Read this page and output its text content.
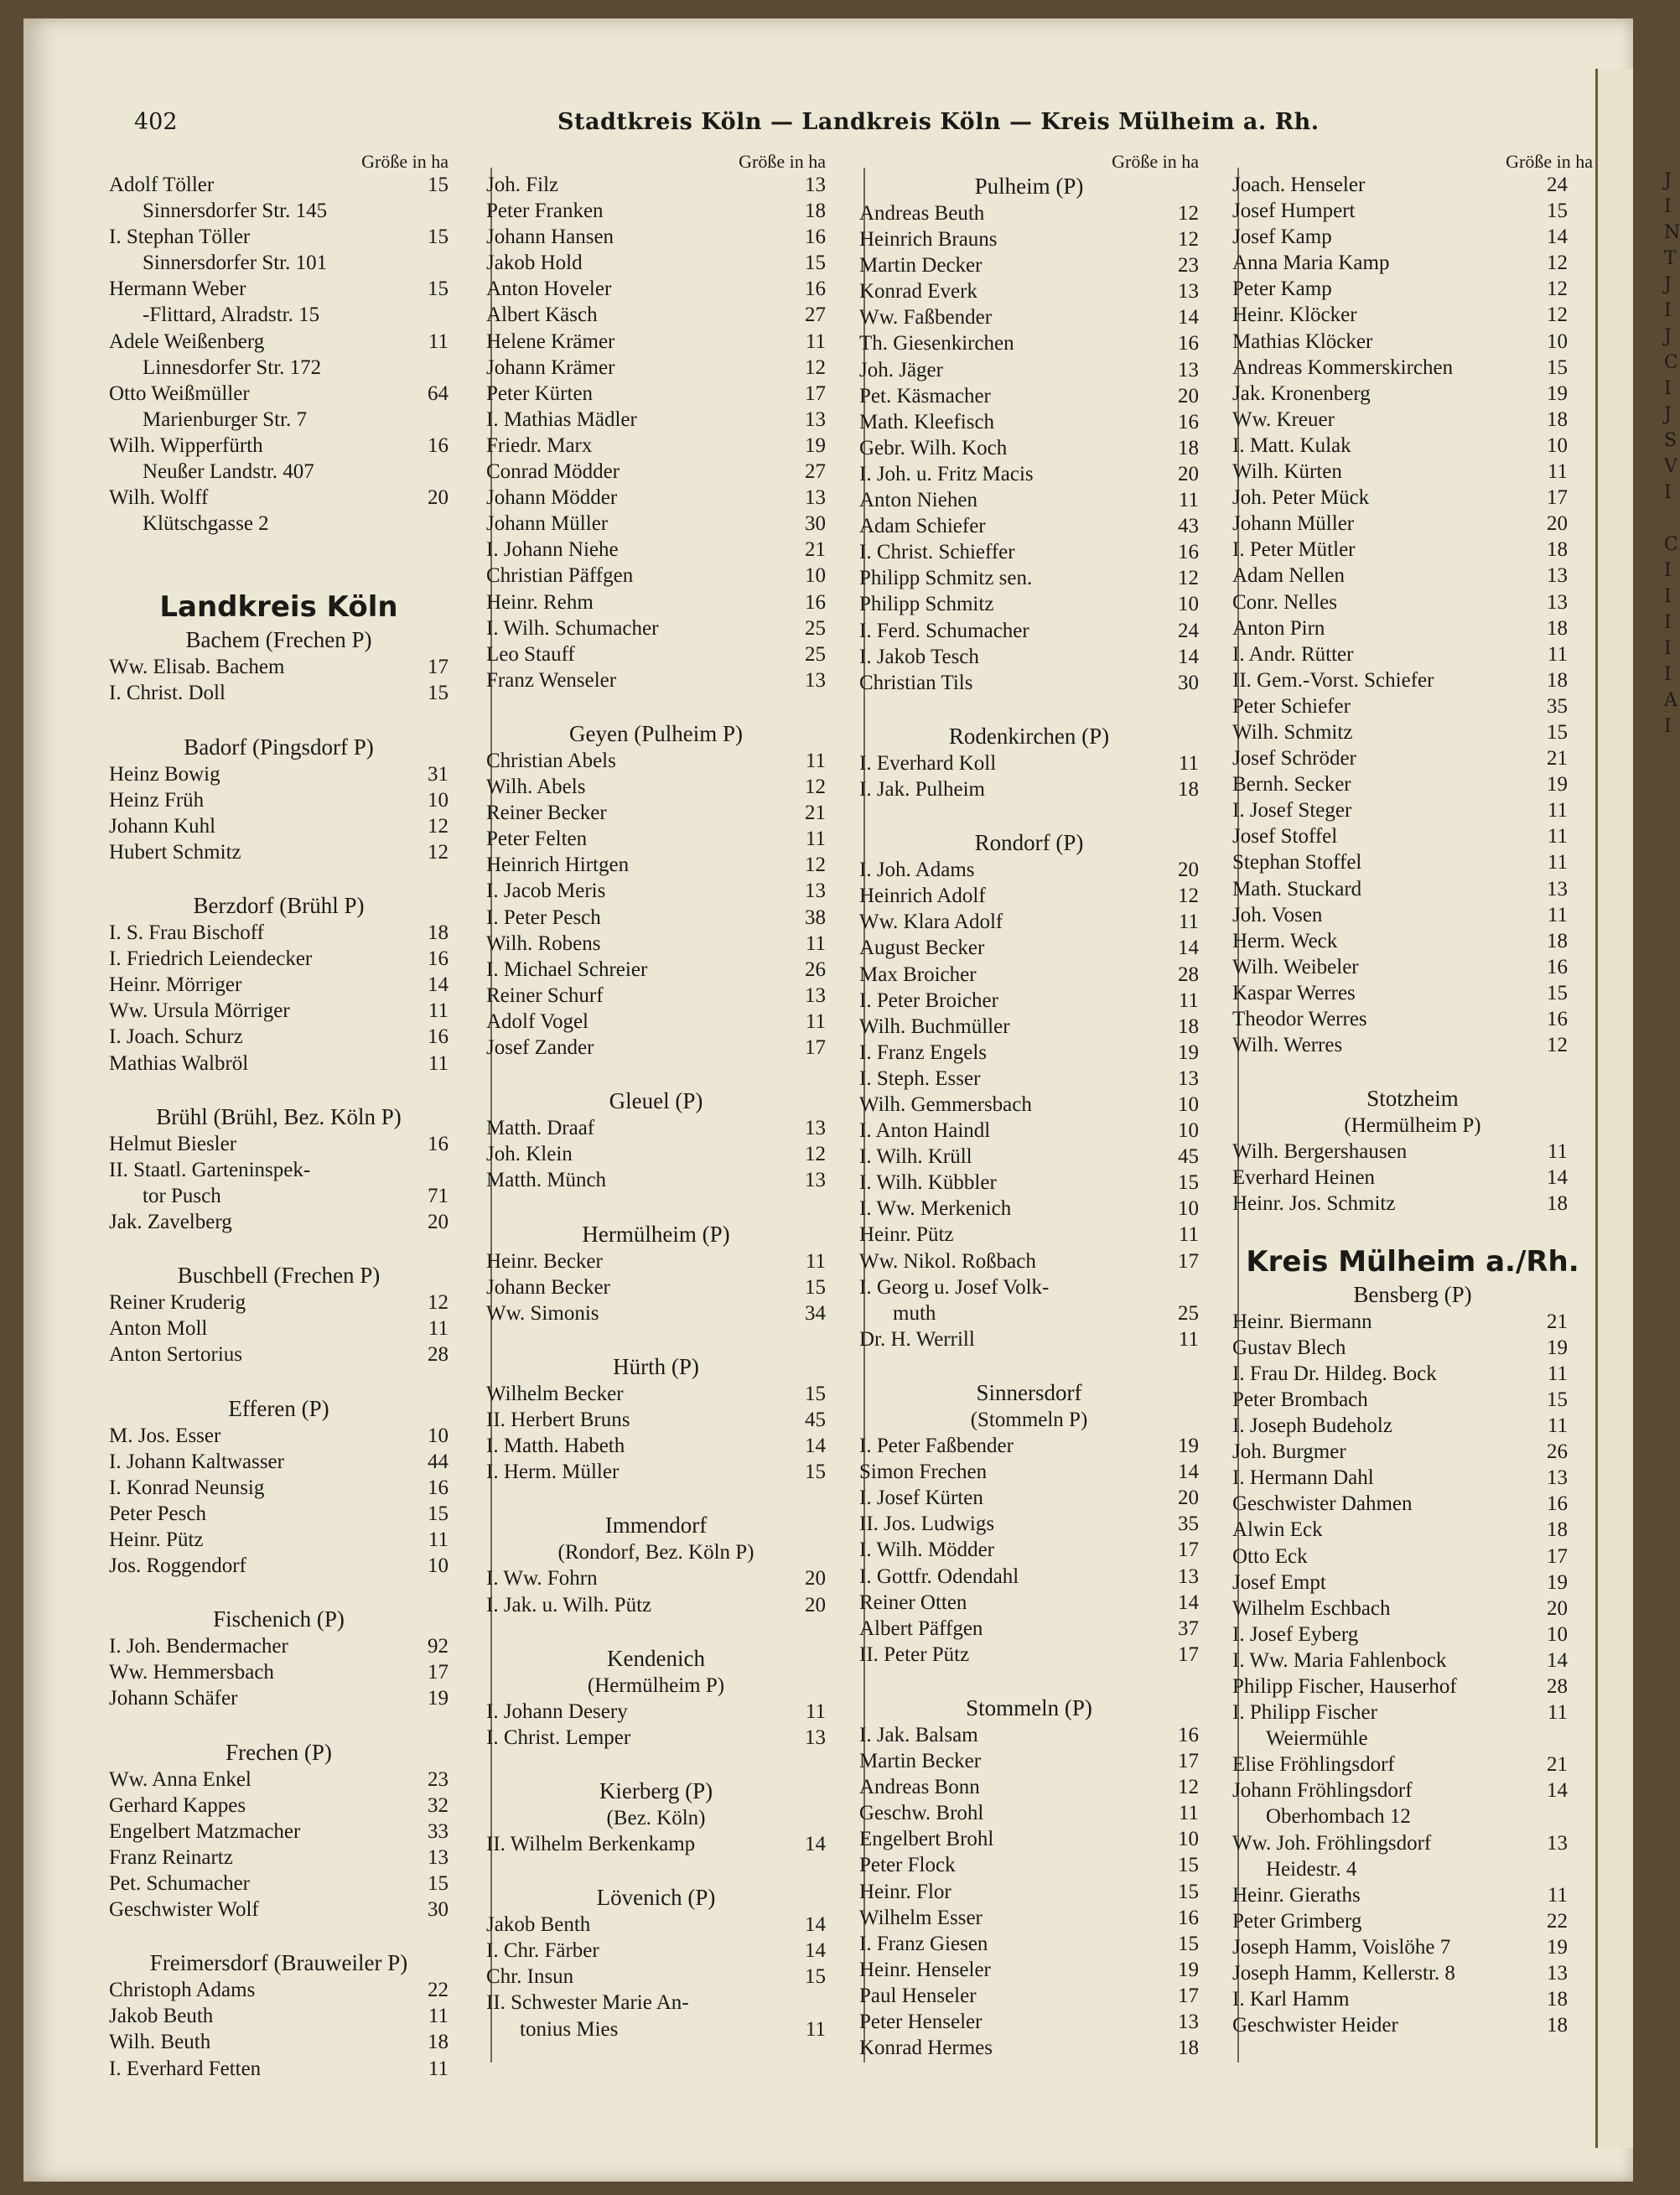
402	Stadtkreis Köln — Landkreis Köln — Kreis Mülheim a. Rh.
Größe in ha
Adolf Töller	15
Sinnersdorfer Str. 145
I. Stephan Töller	15
Sinnersdorfer Str. 101
Hermann Weber	15
-Flittard, Alradstr. 15
Adele Weißenberg	11
Linnesdorfer Str. 172
Otto Weißmüller	64
Marienburger Str. 7
Wilh. Wipperfürth	16
Neußer Landstr. 407
Wilh. Wolff	20
Klütschgasse 2
Landkreis Köln
Bachem (Frechen P)
Ww. Elisab. Bachem	17
I. Christ. Doll	15
Badorf (Pingsdorf P)
Heinz Bowig	31
Heinz Früh	10
Johann Kuhl	12
Hubert Schmitz	12
Berzdorf (Brühl P)
I. S. Frau Bischoff	18
I. Friedrich Leiendecker	16
Heinr. Mörriger	14
Ww. Ursula Mörriger	11
I. Joach. Schurz	16
Mathias Walbröl	11
Brühl (Brühl, Bez. Köln P)
Helmut Biesler	16
II. Staatl. Garteninspek-
tor Pusch	71
Jak. Zavelberg	20
Buschbell (Frechen P)
Reiner Kruderig	12
Anton Moll	11
Anton Sertorius	28
Efferen (P)
M. Jos. Esser	10
I. Johann Kaltwasser	44
I. Konrad Neunsig	16
Peter Pesch	15
Heinr. Pütz	11
Jos. Roggendorf	10
Fischenich (P)
I. Joh. Bendermacher	92
Ww. Hemmersbach	17
Johann Schäfer	19
Frechen (P)
Ww. Anna Enkel	23
Gerhard Kappes	32
Engelbert Matzmacher	33
Franz Reinartz	13
Pet. Schumacher	15
Geschwister Wolf	30
Freimersdorf (Brauweiler P)
Christoph Adams	22
Jakob Beuth	11
Wilh. Beuth	18
I. Everhard Fetten	11
Größe in ha
Joh. Filz	13
Peter Franken	18
Johann Hansen	16
Jakob Hold	15
Anton Hoveler	16
Albert Käsch	27
Helene Krämer	11
Johann Krämer	12
Peter Kürten	17
I. Mathias Mädler	13
Friedr. Marx	19
Conrad Mödder	27
Johann Mödder	13
Johann Müller	30
I. Johann Niehe	21
Christian Päffgen	10
Heinr. Rehm	16
I. Wilh. Schumacher	25
Leo Stauff	25
Franz Wenseler	13
Geyen (Pulheim P)
Christian Abels	11
Wilh. Abels	12
Reiner Becker	21
Peter Felten	11
Heinrich Hirtgen	12
I. Jacob Meris	13
I. Peter Pesch	38
Wilh. Robens	11
I. Michael Schreier	26
Reiner Schurf	13
Adolf Vogel	11
Josef Zander	17
Gleuel (P)
Matth. Draaf	13
Joh. Klein	12
Matth. Münch	13
Hermülheim (P)
Heinr. Becker	11
Johann Becker	15
Ww. Simonis	34
Hürth (P)
Wilhelm Becker	15
II. Herbert Bruns	45
I. Matth. Habeth	14
I. Herm. Müller	15
Immendorf
(Rondorf, Bez. Köln P)
I. Ww. Fohrn	20
I. Jak. u. Wilh. Pütz	20
Kendenich
(Hermülheim P)
I. Johann Desery	11
I. Christ. Lemper	13
Kierberg (P)
(Bez. Köln)
II. Wilhelm Berkenkamp	14
Lövenich (P)
Jakob Benth	14
I. Chr. Färber	14
Chr. Insun	15
II. Schwester Marie An-
tonius Mies	11
Größe in ha
Pulheim (P)
Andreas Beuth	12
Heinrich Brauns	12
Martin Decker	23
Konrad Everk	13
Ww. Faßbender	14
Th. Giesenkirchen	16
Joh. Jäger	13
Pet. Käsmacher	20
Math. Kleefisch	16
Gebr. Wilh. Koch	18
I. Joh. u. Fritz Macis	20
Anton Niehen	11
Adam Schiefer	43
I. Christ. Schieffer	16
Philipp Schmitz sen.	12
Philipp Schmitz	10
I. Ferd. Schumacher	24
I. Jakob Tesch	14
Christian Tils	30
Rodenkirchen (P)
I. Everhard Koll	11
I. Jak. Pulheim	18
Rondorf (P)
I. Joh. Adams	20
Heinrich Adolf	12
Ww. Klara Adolf	11
August Becker	14
Max Broicher	28
I. Peter Broicher	11
Wilh. Buchmüller	18
I. Franz Engels	19
I. Steph. Esser	13
Wilh. Gemmersbach	10
I. Anton Haindl	10
I. Wilh. Krüll	45
I. Wilh. Kübbler	15
I. Ww. Merkenich	10
Heinr. Pütz	11
Ww. Nikol. Roßbach	17
I. Georg u. Josef Volk-
muth	25
Dr. H. Werrill	11
Sinnersdorf
(Stommeln P)
I. Peter Faßbender	19
Simon Frechen	14
I. Josef Kürten	20
II. Jos. Ludwigs	35
I. Wilh. Mödder	17
I. Gottfr. Odendahl	13
Reiner Otten	14
Albert Päffgen	37
II. Peter Pütz	17
Stommeln (P)
I. Jak. Balsam	16
Martin Becker	17
Andreas Bonn	12
Geschw. Brohl	11
Engelbert Brohl	10
Peter Flock	15
Heinr. Flor	15
Wilhelm Esser	16
I. Franz Giesen	15
Heinr. Henseler	19
Paul Henseler	17
Peter Henseler	13
Konrad Hermes	18
Größe in ha
Joach. Henseler	24
Josef Humpert	15
Josef Kamp	14
Anna Maria Kamp	12
Peter Kamp	12
Heinr. Klöcker	12
Mathias Klöcker	10
Andreas Kommerskirchen	15
Jak. Kronenberg	19
Ww. Kreuer	18
I. Matt. Kulak	10
Wilh. Kürten	11
Joh. Peter Mück	17
Johann Müller	20
I. Peter Mütler	18
Adam Nellen	13
Conr. Nelles	13
Anton Pirn	18
I. Andr. Rütter	11
II. Gem.-Vorst. Schiefer	18
Peter Schiefer	35
Wilh. Schmitz	15
Josef Schröder	21
Bernh. Secker	19
I. Josef Steger	11
Josef Stoffel	11
Stephan Stoffel	11
Math. Stuckard	13
Joh. Vosen	11
Herm. Weck	18
Wilh. Weibeler	16
Kaspar Werres	15
Theodor Werres	16
Wilh. Werres	12
Stotzheim
(Hermülheim P)
Wilh. Bergershausen	11
Everhard Heinen	14
Heinr. Jos. Schmitz	18
Kreis Mülheim a./Rh.
Bensberg (P)
Heinr. Biermann	21
Gustav Blech	19
I. Frau Dr. Hildeg. Bock	11
Peter Brombach	15
I. Joseph Budeholz	11
Joh. Burgmer	26
I. Hermann Dahl	13
Geschwister Dahmen	16
Alwin Eck	18
Otto Eck	17
Josef Empt	19
Wilhelm Eschbach	20
I. Josef Eyberg	10
I. Ww. Maria Fahlenbock	14
Philipp Fischer, Hauserhof	28
I. Philipp Fischer	11
Weiermühle
Elise Fröhlingsdorf	21
Johann Fröhlingsdorf	14
Oberhombach 12
Ww. Joh. Fröhlingsdorf	13
Heidestr. 4
Heinr. Gieraths	11
Peter Grimberg	22
Joseph Hamm, Voislöhe 7	19
Joseph Hamm, Kellerstr. 8	13
I. Karl Hamm	18
Geschwister Heider	18
J
I
N
T
J
I
J
C
I
J
S
V
I

C
I
I
I
I
I
A
I
